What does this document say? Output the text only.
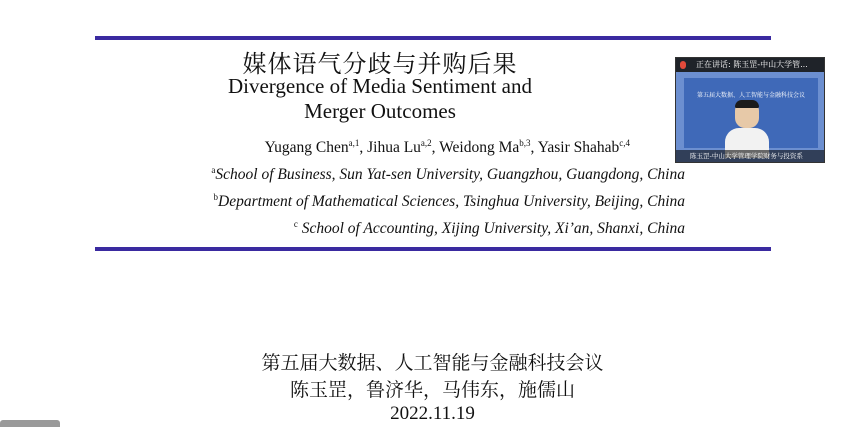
媒体语气分歧与并购后果
Divergence of Media Sentiment and
Merger Outcomes
Yugang Chen$^{a,1}$, Jihua Lu$^{a,2}$, Weidong Ma$^{b,3}$, Yasir Shahab$^{c,4}$
$^a$School of Business, Sun Yat-sen University, Guangzhou, Guangdong, China
$^b$Department of Mathematical Sciences, Tsinghua University, Beijing, China
$^c$ School of Accounting, Xijing University, Xi’an, Shanxi, China
第五届大数据、人工智能与金融科技会议
陈玉罡，鲁济华，马伟东，施儒山
2022.11.19
正在讲话: 陈玉罡-中山大学管...
第五届大数据、人工智能与金融科技会议
陈玉罡-中山大学管理学院财务与投资系
